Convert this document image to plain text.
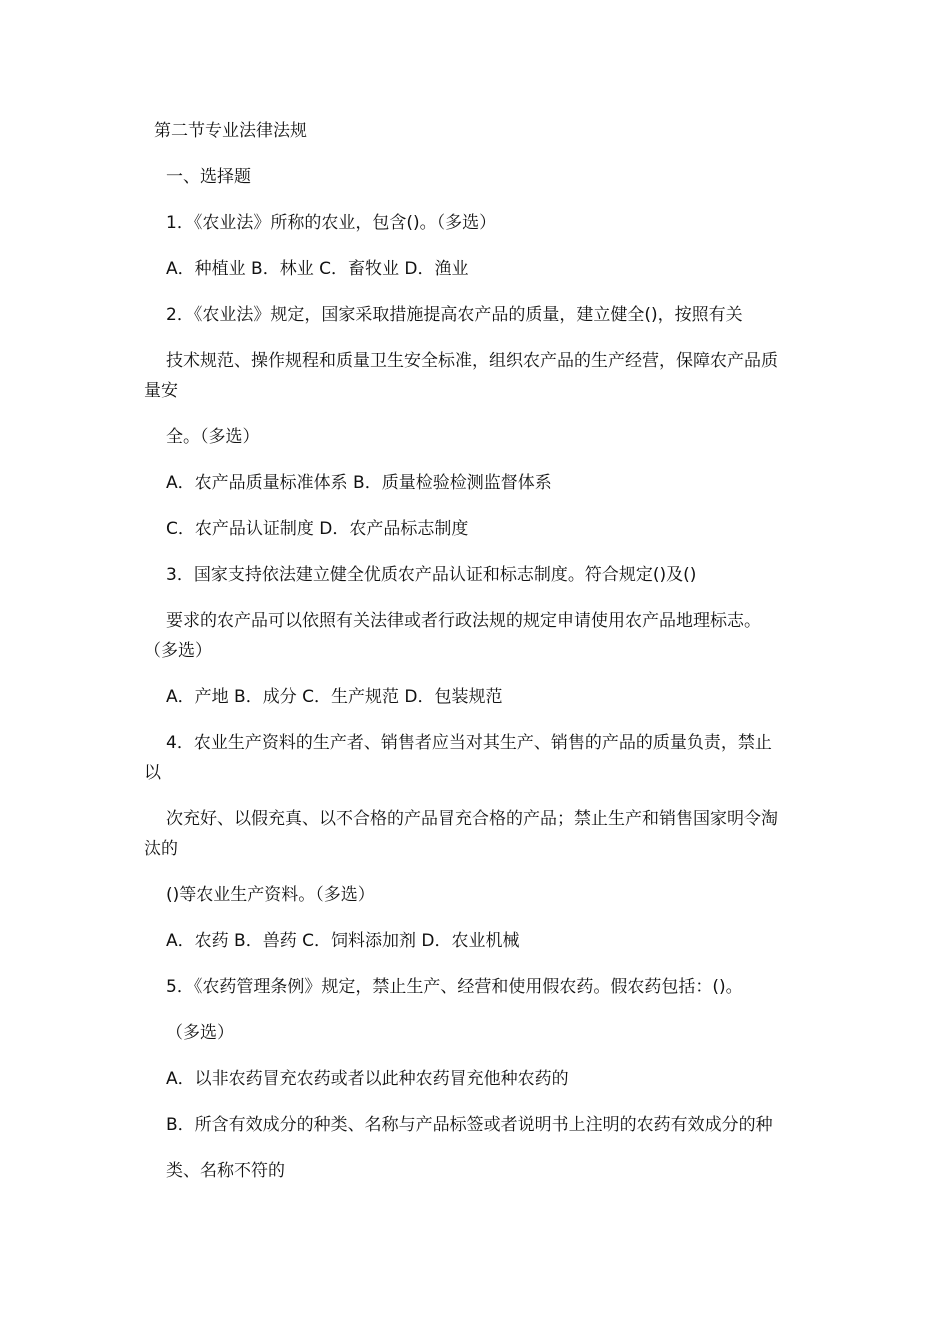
第二节专业法律法规
一、选择题
1．《农业法》所称的农业，包含()。（多选）
A．种植业 B．林业 C．畜牧业 D．渔业
2．《农业法》规定，国家采取措施提高农产品的质量，建立健全()，按照有关
技术规范、操作规程和质量卫生安全标准，组织农产品的生产经营，保障农产品质
量安
全。（多选）
A．农产品质量标准体系 B．质量检验检测监督体系
C．农产品认证制度 D．农产品标志制度
3．国家支持依法建立健全优质农产品认证和标志制度。符合规定()及()
要求的农产品可以依照有关法律或者行政法规的规定申请使用农产品地理标志。
（多选）
A．产地 B．成分 C．生产规范 D．包装规范
4．农业生产资料的生产者、销售者应当对其生产、销售的产品的质量负责，禁止
以
次充好、以假充真、以不合格的产品冒充合格的产品；禁止生产和销售国家明令淘
汰的
()等农业生产资料。（多选）
A．农药 B．兽药 C．饲料添加剂 D．农业机械
5．《农药管理条例》规定，禁止生产、经营和使用假农药。假农药包括：()。
（多选）
A．以非农药冒充农药或者以此种农药冒充他种农药的
B．所含有效成分的种类、名称与产品标签或者说明书上注明的农药有效成分的种
类、名称不符的
